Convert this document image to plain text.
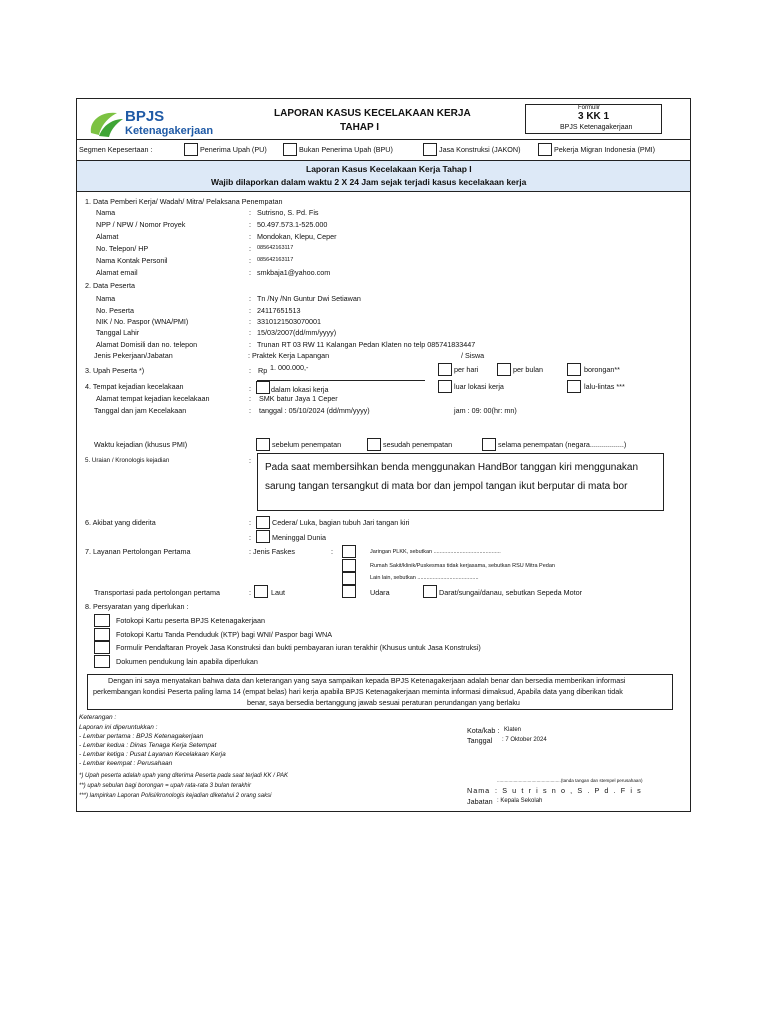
BPJS
Ketenagakerjaan
LAPORAN KASUS KECELAKAAN KERJA
TAHAP I
Formulir
3 KK 1
BPJS Ketenagakerjaan
Segmen Kepesertaan :	Penerima Upah (PU)	Bukan Penerima Upah (BPU)	Jasa Konstruksi (JAKON)	Pekerja Migran Indonesia (PMI)
Laporan Kasus Kecelakaan Kerja Tahap I
Wajib dilaporkan dalam waktu 2 X 24 Jam sejak terjadi kasus kecelakaan kerja
1. Data Pemberi Kerja/ Wadah/ Mitra/ Pelaksana Penempatan
Nama	: Sutrisno, S. Pd. Fis
NPP / NPW / Nomor Proyek	: 50.497.573.1-525.000
Alamat	: Mondokan, Klepu, Ceper
No. Telepon/ HP	: 085642163117
Nama Kontak Personil	: 085642163117
Alamat email	: smkbaja1@yahoo.com
2. Data Peserta
Nama	: Tn /Ny /Nn Guntur Dwi Setiawan
No. Peserta	: 24117651513
NIK / No. Paspor (WNA/PMI)	: 3310121503070001
Tanggal Lahir	: 15/03/2007(dd/mm/yyyy)
Alamat Domisili dan no. telepon	: Trunan RT 03 RW 11 Kalangan Pedan Klaten no telp 085741833447
Jenis Pekerjaan/Jabatan	: Praktek Kerja Lapangan	/ Siswa
3. Upah Peserta *)	: Rp 1. 000.000,-	per hari	per bulan	borongan**
4. Tempat kejadian kecelakaan	:	dalam lokasi kerja	luar lokasi kerja	lalu-lintas ***
Alamat tempat kejadian kecelakaan	: SMK batur Jaya 1 Ceper
Tanggal dan jam Kecelakaan	: tanggal : 05/10/2024 (dd/mm/yyyy)	jam : 09: 00(hr: mn)
Waktu kejadian (khusus PMI)	sebelum penempatan	sesudah penempatan	selama penempatan (negara.................)
5. Uraian / Kronologis kejadian	:
Pada saat membersihkan benda menggunakan HandBor tanggan kiri menggunakan sarung tangan tersangkut di mata bor dan jempol tangan ikut berputar di mata bor
6. Akibat yang diderita	:	Cedera/ Luka, bagian tubuh Jari tangan kiri
:	Meninggal Dunia
7. Layanan Pertolongan Pertama	: Jenis Faskes	:	Jaringan PLKK, sebutkan ............................................
Rumah Sakit/klinik/Puskesmas tidak kerjasama, sebutkan RSU Mitra Pedan
Lain lain, sebutkan ........................................
Transportasi pada pertolongan pertama	:	Laut	Udara	Darat/sungai/danau, sebutkan Sepeda Motor
8. Persyaratan yang diperlukan :
Fotokopi Kartu peserta BPJS Ketenagakerjaan
Fotokopi Kartu Tanda Penduduk (KTP) bagi WNI/ Paspor bagi WNA
Formulir Pendaftaran Proyek Jasa Konstruksi dan bukti pembayaran iuran terakhir (Khusus untuk Jasa Konstruksi)
Dokumen pendukung lain apabila diperlukan
Dengan ini saya menyatakan bahwa data dan keterangan yang saya sampaikan kepada BPJS Ketenagakerjaan adalah benar dan bersedia memberikan informasi
perkembangan kondisi Peserta paling lama 14 (empat belas) hari kerja apabila BPJS Ketenagakerjaan meminta informasi dimaksud, Apabila data yang diberikan tidak
benar, saya bersedia bertanggung jawab sesuai peraturan perundangan yang berlaku
Keterangan :
Laporan ini diperuntukkan :
- Lembar pertama : BPJS Ketenagakerjaan
- Lembar kedua : Dinas Tenaga Kerja Setempat
- Lembar ketiga : Pusat Layanan Kecelakaan Kerja
- Lembar keempat : Perusahaan
*) Upah peserta adalah upah yang diterima Peserta pada saat terjadi KK / PAK
**) upah sebulan bagi borongan = upah rata-rata 3 bulan terakhir
***) lampirkan Laporan Polisi/kronologis kejadian diketahui 2 orang saksi
Kota/kab : Klaten
Tanggal : 7 Oktober 2024
..................................................(tanda tangan dan stempel perusahaan)
Nama : S u t r i s n o , S . P d . F i s
Jabatan : Kepala Sekolah
